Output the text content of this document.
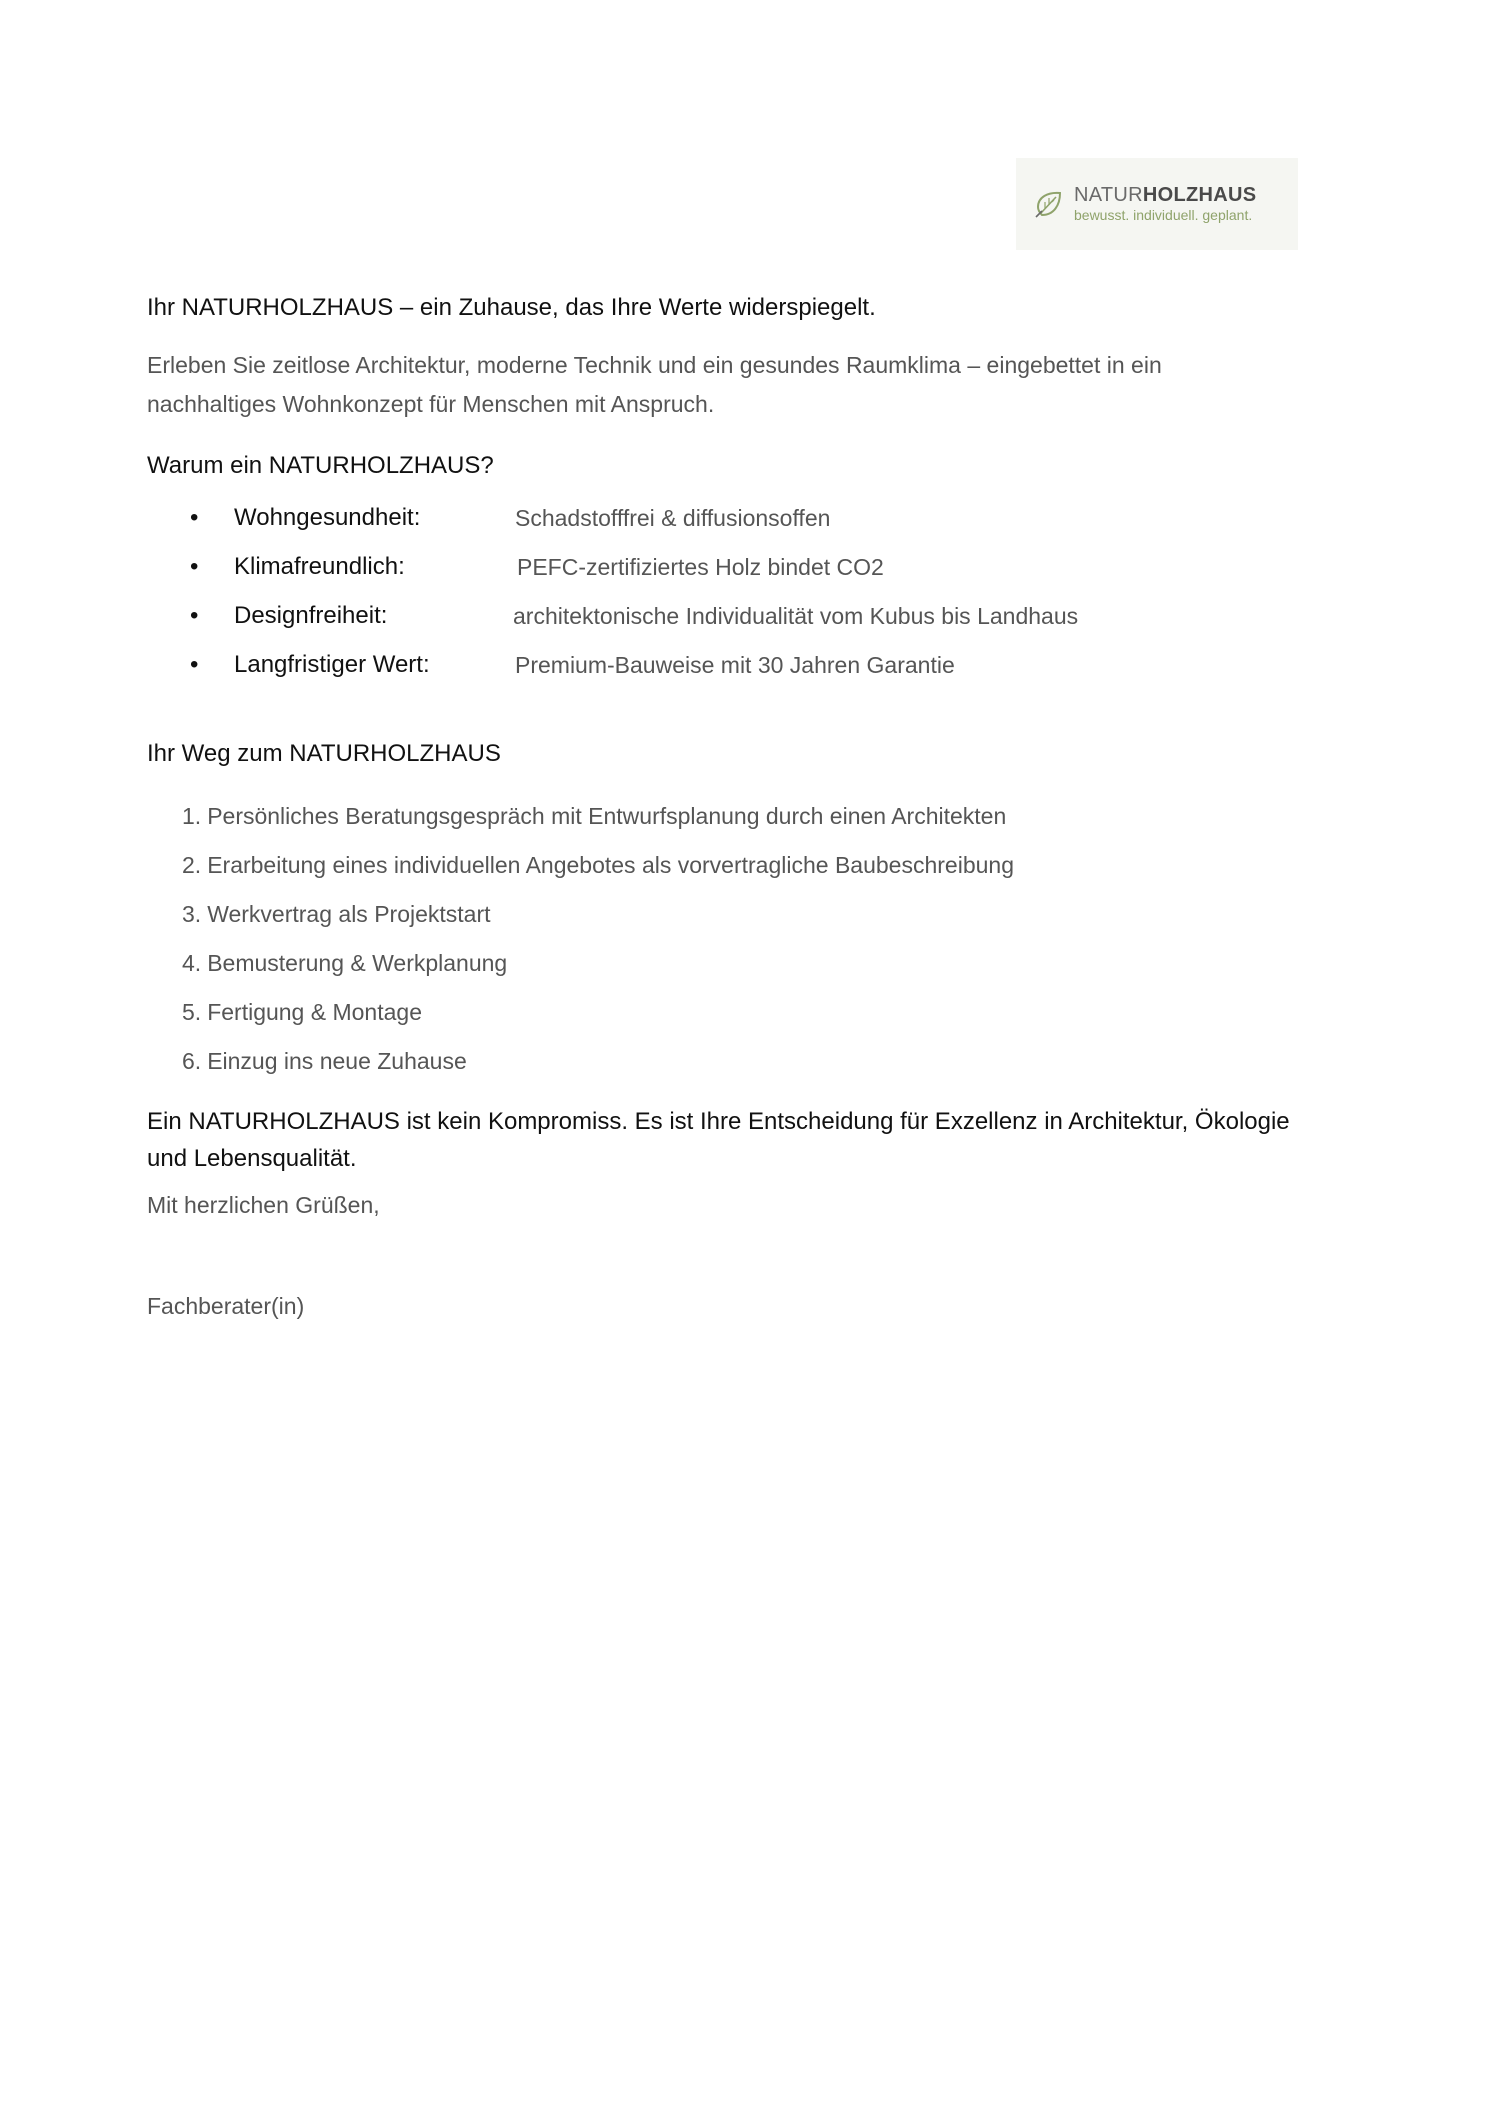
NATURHOLZHAUS
bewusst. individuell. geplant.
Ihr NATURHOLZHAUS – ein Zuhause, das Ihre Werte widerspiegelt.

Erleben Sie zeitlose Architektur, moderne Technik und ein gesundes Raumklima – eingebettet in ein nachhaltiges Wohnkonzept für Menschen mit Anspruch.

Warum ein NATURHOLZHAUS?
• Wohngesundheit:	Schadstofffrei & diffusionsoffen
• Klimafreundlich:	PEFC-zertifiziertes Holz bindet CO2
• Designfreiheit:	architektonische Individualität vom Kubus bis Landhaus
• Langfristiger Wert:	Premium-Bauweise mit 30 Jahren Garantie
Ihr Weg zum NATURHOLZHAUS
1. Persönliches Beratungsgespräch mit Entwurfsplanung durch einen Architekten
2. Erarbeitung eines individuellen Angebotes als vorvertragliche Baubeschreibung
3. Werkvertrag als Projektstart
4. Bemusterung & Werkplanung
5. Fertigung & Montage
6. Einzug ins neue Zuhause

Ein NATURHOLZHAUS ist kein Kompromiss. Es ist Ihre Entscheidung für Exzellenz in Architektur, Ökologie und Lebensqualität.

Mit herzlichen Grüßen,

Fachberater(in)
